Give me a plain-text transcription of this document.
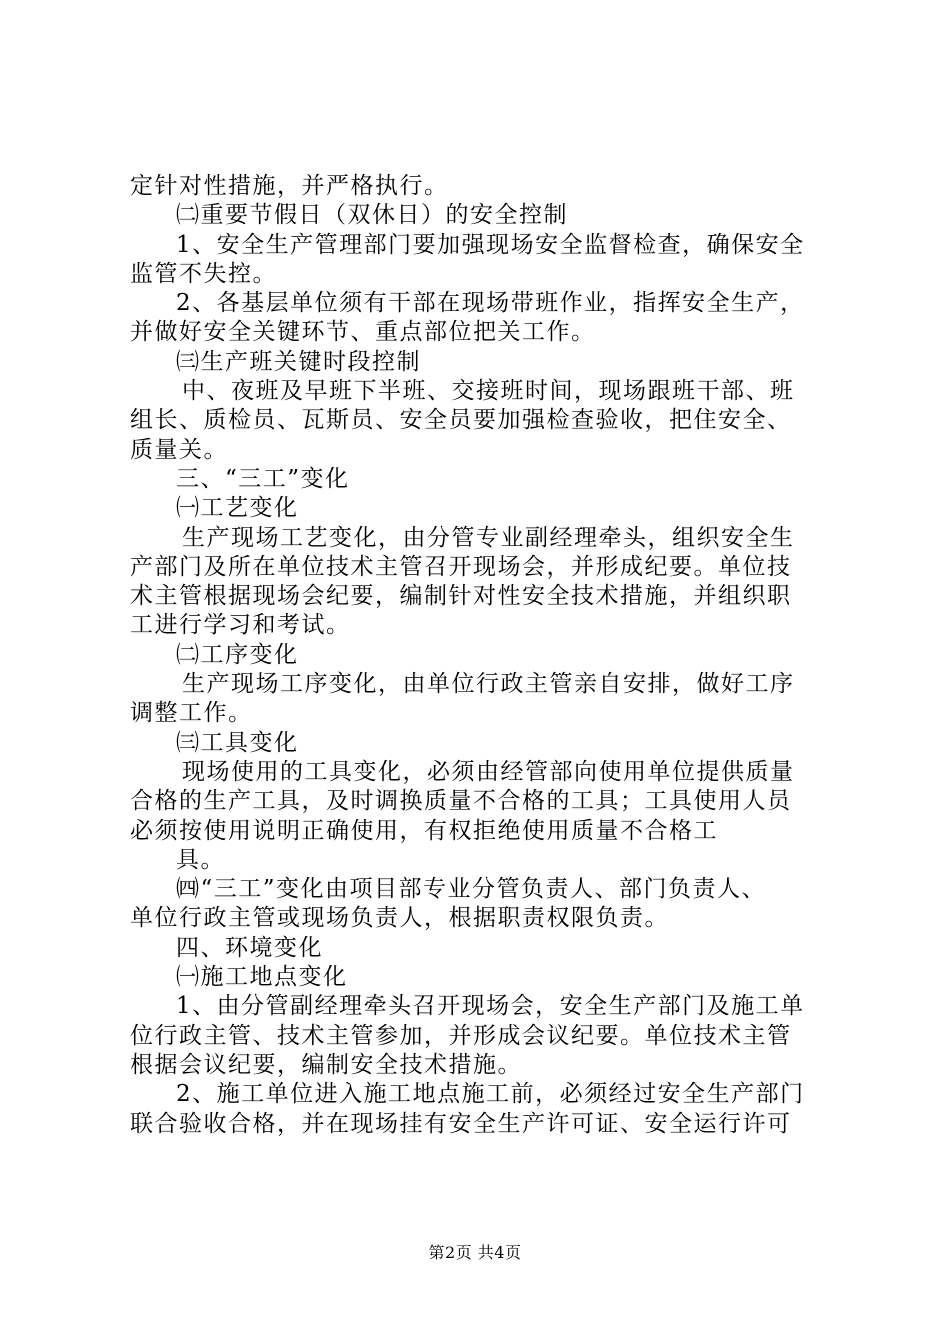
定针对性措施，并严格执行。
㈡重要节假日（双休日）的安全控制
1、安全生产管理部门要加强现场安全监督检查，确保安全
监管不失控。
2、各基层单位须有干部在现场带班作业，指挥安全生产，
并做好安全关键环节、重点部位把关工作。
㈢生产班关键时段控制
中、夜班及早班下半班、交接班时间，现场跟班干部、班
组长、质检员、瓦斯员、安全员要加强检查验收，把住安全、
质量关。
三、“三工”变化
㈠工艺变化
生产现场工艺变化，由分管专业副经理牵头，组织安全生
产部门及所在单位技术主管召开现场会，并形成纪要。单位技
术主管根据现场会纪要，编制针对性安全技术措施，并组织职
工进行学习和考试。
㈡工序变化
生产现场工序变化，由单位行政主管亲自安排，做好工序
调整工作。
㈢工具变化
现场使用的工具变化，必须由经管部向使用单位提供质量
合格的生产工具，及时调换质量不合格的工具；工具使用人员
必须按使用说明正确使用，有权拒绝使用质量不合格工
具。
㈣“三工”变化由项目部专业分管负责人、部门负责人、
单位行政主管或现场负责人，根据职责权限负责。
四、环境变化
㈠施工地点变化
1、由分管副经理牵头召开现场会，安全生产部门及施工单
位行政主管、技术主管参加，并形成会议纪要。单位技术主管
根据会议纪要，编制安全技术措施。
2、施工单位进入施工地点施工前，必须经过安全生产部门
联合验收合格，并在现场挂有安全生产许可证、安全运行许可
第2页 共4页
